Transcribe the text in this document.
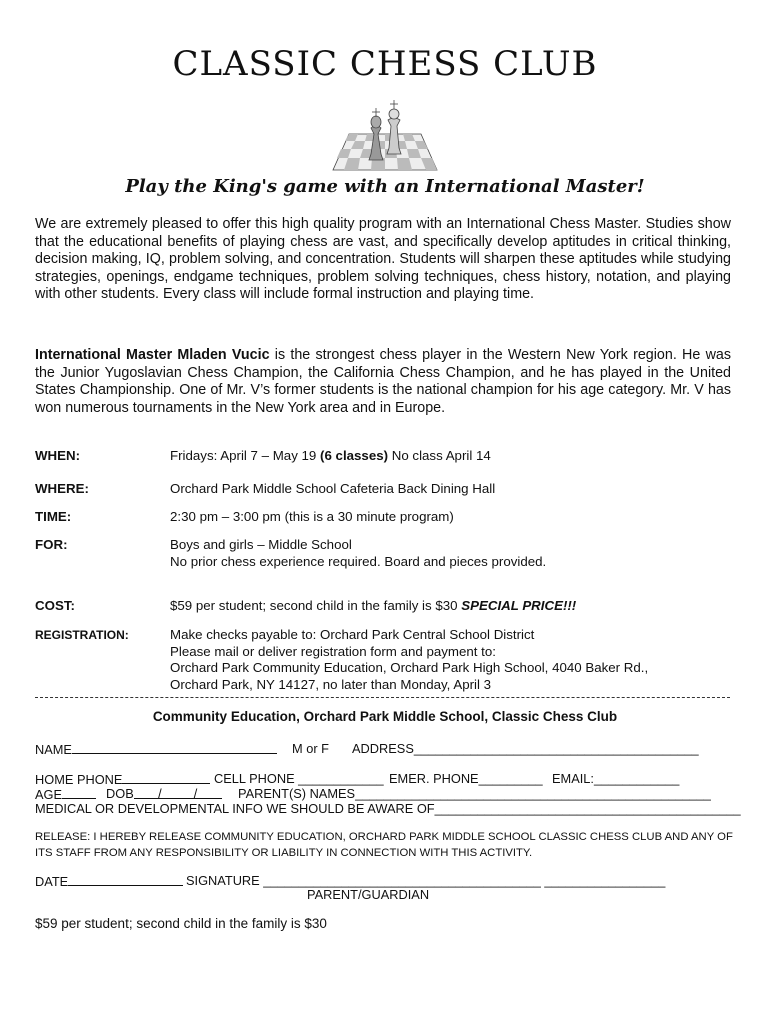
CLASSIC CHESS CLUB
Play the King's game with an International Master!

We are extremely pleased to offer this high quality program with an International Chess Master. Studies show that the educational benefits of playing chess are vast, and specifically develop aptitudes in critical thinking, decision making, IQ, problem solving, and concentration. Students will sharpen these aptitudes while studying strategies, openings, endgame techniques, problem solving techniques, chess history, notation, and playing with other students. Every class will include formal instruction and playing time.

International Master Mladen Vucic is the strongest chess player in the Western New York region. He was the Junior Yugoslavian Chess Champion, the California Chess Champion, and he has played in the United States Championship. One of Mr. V’s former students is the national champion for his age category. Mr. V has won numerous tournaments in the New York area and in Europe.

WHEN:	Fridays: April 7 – May 19 (6 classes) No class April 14
WHERE:	Orchard Park Middle School Cafeteria Back Dining Hall
TIME:	2:30 pm – 3:00 pm (this is a 30 minute program)
FOR:	Boys and girls – Middle School
No prior chess experience required. Board and pieces provided.
COST:	$59 per student; second child in the family is $30 SPECIAL PRICE!!!
REGISTRATION:	Make checks payable to: Orchard Park Central School District
Please mail or deliver registration form and payment to:
Orchard Park Community Education, Orchard Park High School, 4040 Baker Rd.,
Orchard Park, NY 14127, no later than Monday, April 3
Community Education, Orchard Park Middle School, Classic Chess Club
NAME	M or F ADDRESS________________________________________
HOME PHONE	CELL PHONE ____________ EMER. PHONE_________ EMAIL:____________
AGE	DOB /         /	PARENT(S) NAMES__________________________________________________
MEDICAL OR DEVELOPMENTAL INFO WE SHOULD BE AWARE OF___________________________________________
RELEASE: I HEREBY RELEASE COMMUNITY EDUCATION, ORCHARD PARK MIDDLE SCHOOL CLASSIC CHESS CLUB AND ANY OF ITS STAFF FROM ANY RESPONSIBILITY OR LIABILITY IN CONNECTION WITH THIS ACTIVITY.
DATE	SIGNATURE _______________________________________ _________________
PARENT/GUARDIAN
$59 per student; second child in the family is $30
